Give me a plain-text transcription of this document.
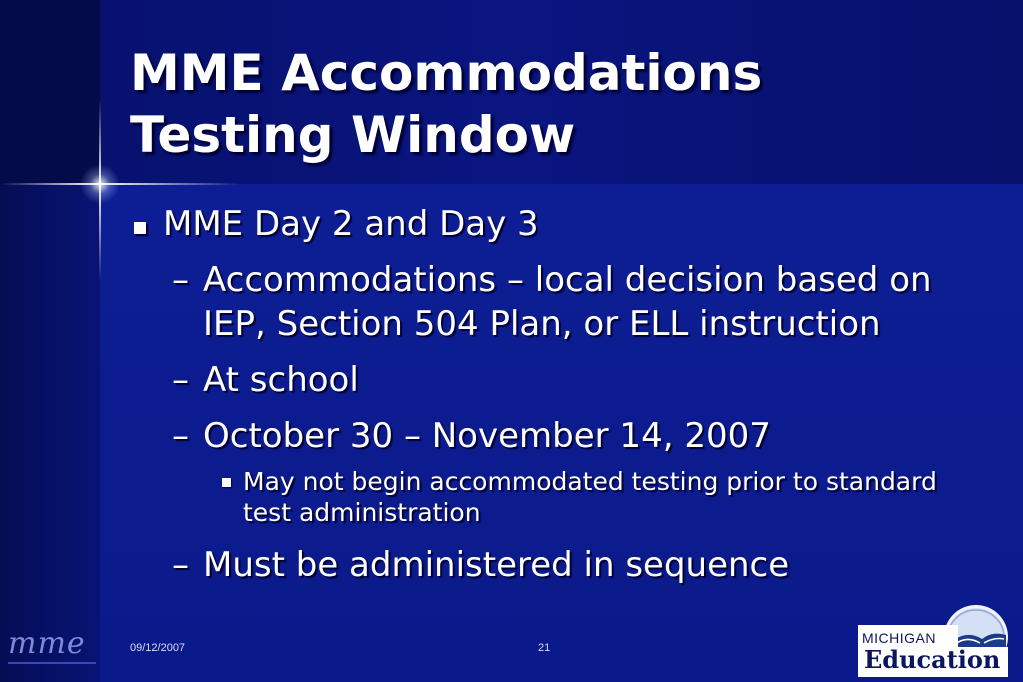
MME Accommodations
Testing Window
MME Day 2 and Day 3
– Accommodations – local decision based on
IEP, Section 504 Plan, or ELL instruction
– At school
– October 30 – November 14, 2007
May not begin accommodated testing prior to standard
test administration
– Must be administered in sequence
mme	09/12/2007	21
MICHIGAN
Education
